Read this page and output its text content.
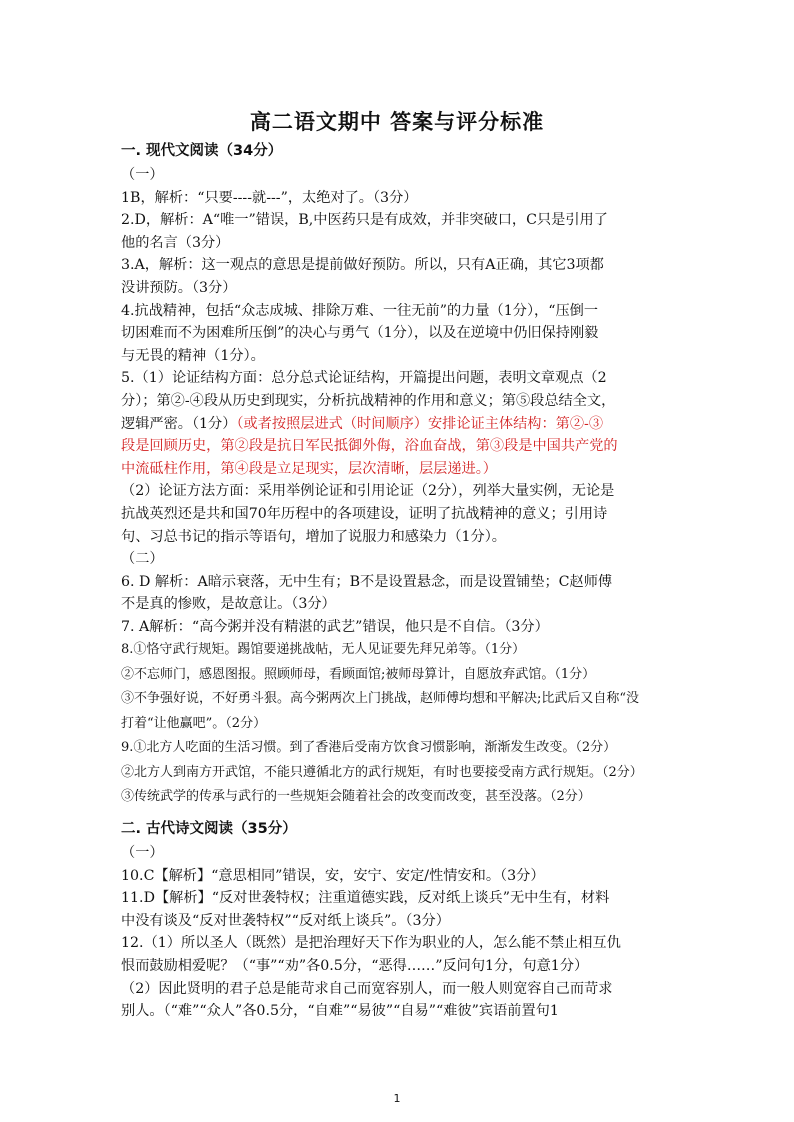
高二语文期中 答案与评分标准
一. 现代文阅读（34分）
（一）
1B，解析：“只要----就---”，太绝对了。（3分）
2.D，解析：A“唯一”错误，B,中医药只是有成效，并非突破口，C只是引用了
他的名言（3分）
3.A，解析：这一观点的意思是提前做好预防。所以，只有A正确，其它3项都
没讲预防。（3分）
4.抗战精神，包括“众志成城、排除万难、一往无前”的力量（1分），“压倒一
切困难而不为困难所压倒”的决心与勇气（1分），以及在逆境中仍旧保持刚毅
与无畏的精神（1分）。
5.（1）论证结构方面：总分总式论证结构，开篇提出问题，表明文章观点（2
分）；第②-④段从历史到现实，分析抗战精神的作用和意义；第⑤段总结全文，
逻辑严密。（1分）（或者按照层进式（时间顺序）安排论证主体结构：第②-③
段是回顾历史，第②段是抗日军民抵御外侮，浴血奋战，第③段是中国共产党的
中流砥柱作用，第④段是立足现实，层次清晰，层层递进。）
（2）论证方法方面：采用举例论证和引用论证（2分），列举大量实例，无论是
抗战英烈还是共和国70年历程中的各项建设，证明了抗战精神的意义；引用诗
句、习总书记的指示等语句，增加了说服力和感染力（1分）。
（二）
6. D 解析：A暗示衰落，无中生有；B不是设置悬念，而是设置铺垫；C赵师傅
不是真的惨败，是故意让。（3分）
7. A解析：“高今粥并没有精湛的武艺”错误，他只是不自信。（3分）
8.①恪守武行规矩。踢馆要递挑战帖，无人见证要先拜兄弟等。（1分）
②不忘师门，感恩图报。照顾师母，看顾面馆;被师母算计，自愿放弃武馆。（1分）
③不争强好说，不好勇斗狠。高今粥两次上门挑战，赵师傅均想和平解决;比武后又自称“没
打着“让他赢吧”。（2分）
9.①北方人吃面的生活习惯。到了香港后受南方饮食习惯影响，渐渐发生改变。（2分）
②北方人到南方开武馆，不能只遵循北方的武行规矩，有时也要接受南方武行规矩。（2分）
③传统武学的传承与武行的一些规矩会随着社会的改变而改变，甚至没落。（2分）
二. 古代诗文阅读（35分）
（一）
10.C【解析】“意思相同”错误，安，安宁、安定/性情安和。（3分）
11.D【解析】“反对世袭特权；注重道德实践，反对纸上谈兵”无中生有，材料
中没有谈及“反对世袭特权”“反对纸上谈兵”。（3分）
12.（1）所以圣人（既然）是把治理好天下作为职业的人，怎么能不禁止相互仇
恨而鼓励相爱呢？（“事”“劝”各0.5分，“恶得……”反问句1分，句意1分）
（2）因此贤明的君子总是能苛求自己而宽容别人，而一般人则宽容自己而苛求
别人。（“难”“众人”各0.5分，“自难”“易彼”“自易”“难彼”宾语前置句1
1
